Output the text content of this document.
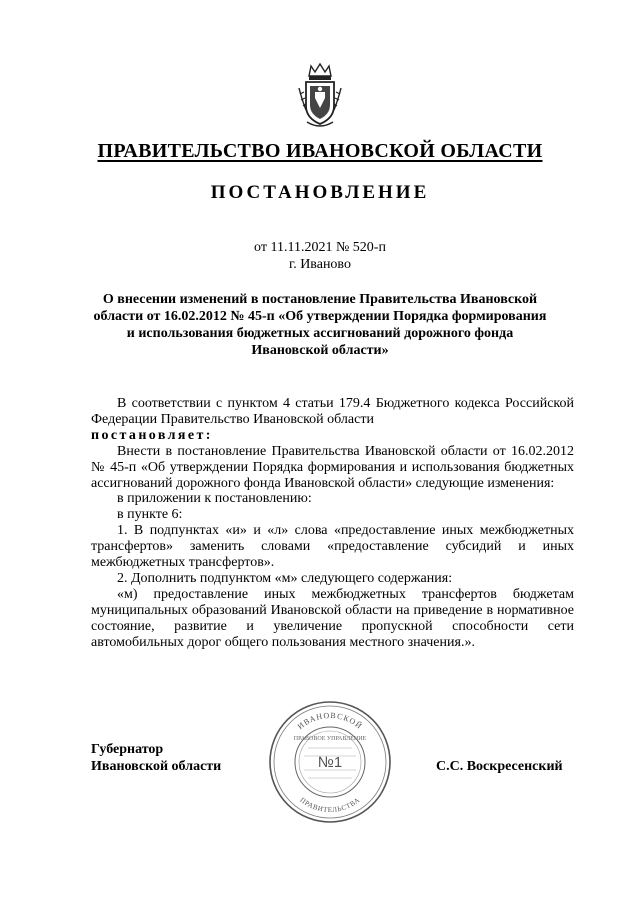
ПРАВИТЕЛЬСТВО ИВАНОВСКОЙ ОБЛАСТИ
ПОСТАНОВЛЕНИЕ
от 11.11.2021 № 520-п
г. Иваново
О внесении изменений в постановление Правительства Ивановской области от 16.02.2012 № 45-п «Об утверждении Порядка формирования и использования бюджетных ассигнований дорожного фонда Ивановской области»

В соответствии с пунктом 4 статьи 179.4 Бюджетного кодекса Российской Федерации Правительство Ивановской области
постановляет:

Внести в постановление Правительства Ивановской области от 16.02.2012 № 45-п «Об утверждении Порядка формирования и использования бюджетных ассигнований дорожного фонда Ивановской области» следующие изменения:

в приложении к постановлению:

в пункте 6:

1. В подпунктах «и» и «л» слова «предоставление иных межбюджетных трансфертов» заменить словами «предоставление субсидий и иных межбюджетных трансфертов».

2. Дополнить подпунктом «м» следующего содержания:

«м) предоставление иных межбюджетных трансфертов бюджетам муниципальных образований Ивановской области на приведение в нормативное состояние, развитие и увеличение пропускной способности сети автомобильных дорог общего пользования местного значения.».

Губернатор
Ивановской области
ИВАНОВСКОЙ
ПРАВИТЕЛЬСТВА
ПРАВОВОЕ УПРАВЛЕНИЕ
№1	С.С. Воскресенский
